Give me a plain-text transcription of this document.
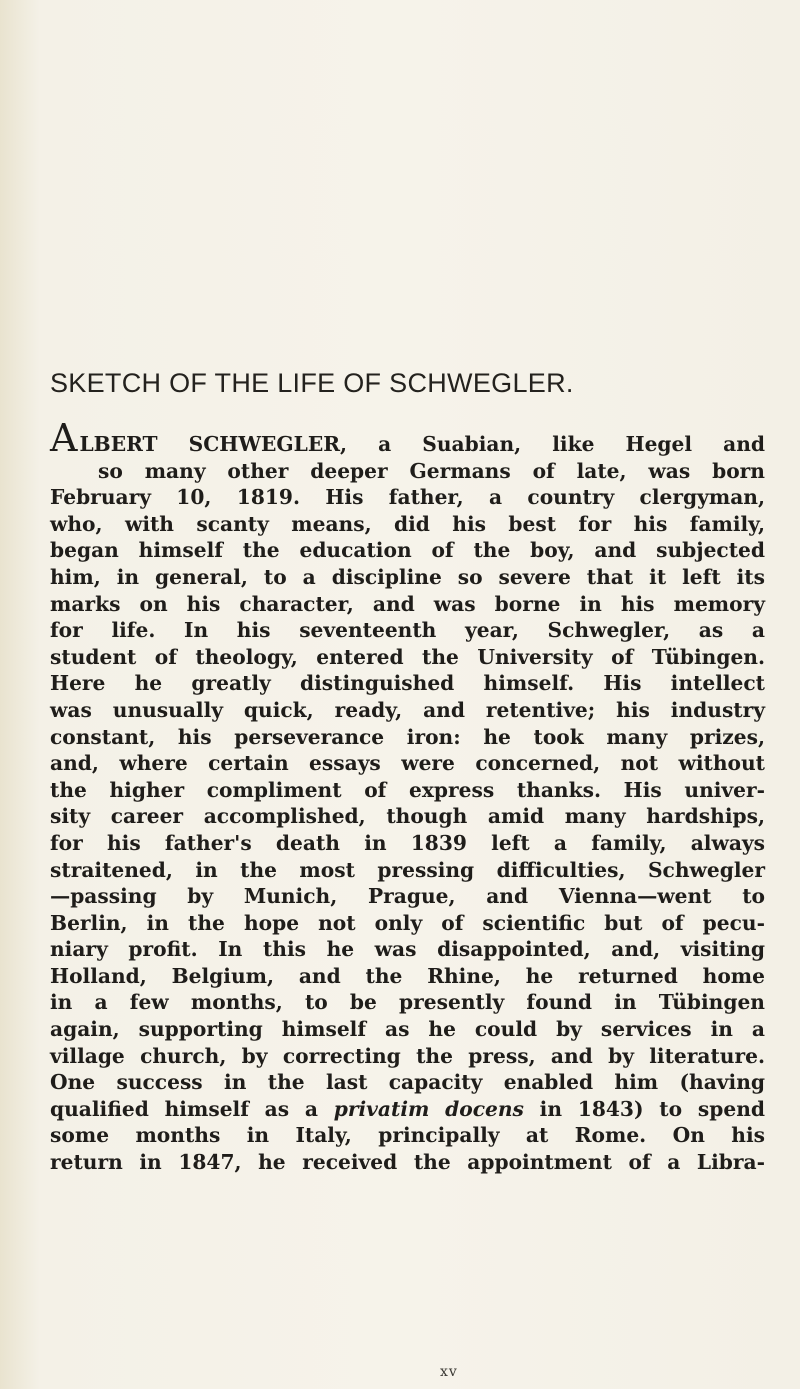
SKETCH OF THE LIFE OF SCHWEGLER.
ALBERT SCHWEGLER, a Suabian, like Hegel and
so many other deeper Germans of late, was born
February 10, 1819. His father, a country clergyman,
who, with scanty means, did his best for his family,
began himself the education of the boy, and subjected
him, in general, to a discipline so severe that it left its
marks on his character, and was borne in his memory
for life. In his seventeenth year, Schwegler, as a
student of theology, entered the University of Tübingen.
Here he greatly distinguished himself. His intellect
was unusually quick, ready, and retentive; his industry
constant, his perseverance iron: he took many prizes,
and, where certain essays were concerned, not without
the higher compliment of express thanks. His univer-
sity career accomplished, though amid many hardships,
for his father's death in 1839 left a family, always
straitened, in the most pressing difficulties, Schwegler
—passing by Munich, Prague, and Vienna—went to
Berlin, in the hope not only of scientific but of pecu-
niary profit. In this he was disappointed, and, visiting
Holland, Belgium, and the Rhine, he returned home
in a few months, to be presently found in Tübingen
again, supporting himself as he could by services in a
village church, by correcting the press, and by literature.
One success in the last capacity enabled him (having
qualified himself as a privatim docens in 1843) to spend
some months in Italy, principally at Rome. On his
return in 1847, he received the appointment of a Libra-
xv
